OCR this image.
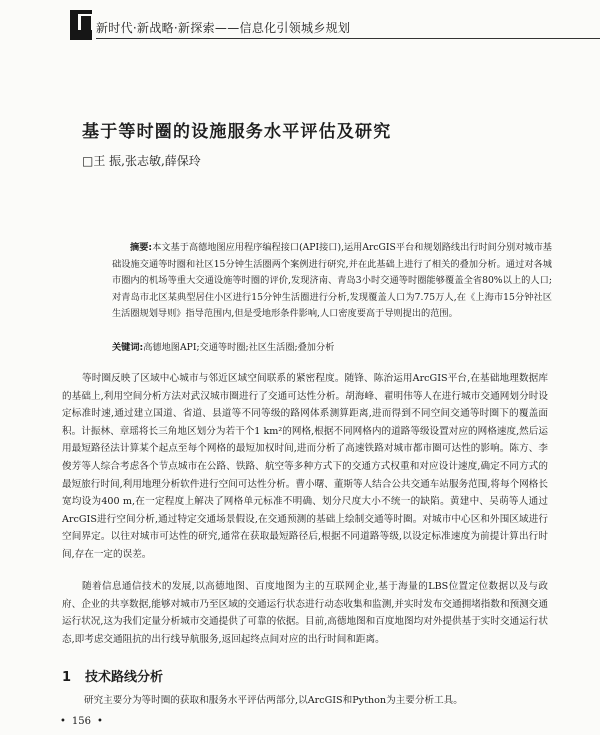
新时代·新战略·新探索——信息化引领城乡规划
基于等时圈的设施服务水平评估及研究
□王 振,张志敏,薛保玲
摘要:本文基于高德地图应用程序编程接口(API接口),运用ArcGIS平台和规划路线出行时间分别对城市基础设施交通等时圈和社区15分钟生活圈两个案例进行研究,并在此基础上进行了相关的叠加分析。通过对各城市圈内的机场等重大交通设施等时圈的评价,发现济南、青岛3小时交通等时圈能够覆盖全省80%以上的人口;对青岛市北区某典型居住小区进行15分钟生活圈进行分析,发现覆盖人口为7.75万人,在《上海市15分钟社区生活圈规划导则》指导范围内,但是受地形条件影响,人口密度要高于导则提出的范围。
关键词:高德地图API;交通等时圈;社区生活圈;叠加分析
等时圈反映了区域中心城市与邻近区域空间联系的紧密程度。随锋、陈治运用ArcGIS平台,在基础地理数据库的基础上,利用空间分析方法对武汉城市圈进行了交通可达性分析。胡海峰、翟明伟等人在进行城市交通网划分时设定标准时速,通过建立国道、省道、县道等不同等级的路网体系测算距离,进而得到不同空间交通等时圈下的覆盖面积。计振林、章瑶将长三角地区划分为若干个1 km²的网格,根据不同网格内的道路等级设置对应的网格速度,然后运用最短路径法计算某个起点至每个网格的最短加权时间,进而分析了高速铁路对城市都市圈可达性的影响。陈方、李俊芳等人综合考虑各个节点城市在公路、铁路、航空等多种方式下的交通方式权重和对应设计速度,确定不同方式的最短旅行时间,利用地理分析软件进行空间可达性分析。曹小曙、董斯等人结合公共交通车站服务范围,将每个网格长宽均设为400 m,在一定程度上解决了网格单元标准不明确、划分尺度大小不统一的缺陷。黄建中、吴萌等人通过ArcGIS进行空间分析,通过特定交通场景假设,在交通预测的基础上绘制交通等时圈。对城市中心区和外围区域进行空间界定。以往对城市可达性的研究,通常在获取最短路径后,根据不同道路等级,以设定标准速度为前提计算出行时间,存在一定的误差。
随着信息通信技术的发展,以高德地图、百度地图为主的互联网企业,基于海量的LBS位置定位数据以及与政府、企业的共享数据,能够对城市乃至区域的交通运行状态进行动态收集和监测,并实时发布交通拥堵指数和预测交通运行状况,这为我们定量分析城市交通提供了可靠的依据。目前,高德地图和百度地图均对外提供基于实时交通运行状态,即考虑交通阻抗的出行线导航服务,返回起终点间对应的出行时间和距离。
1 技术路线分析
研究主要分为等时圈的获取和服务水平评估两部分,以ArcGIS和Python为主要分析工具。
• 156 •
